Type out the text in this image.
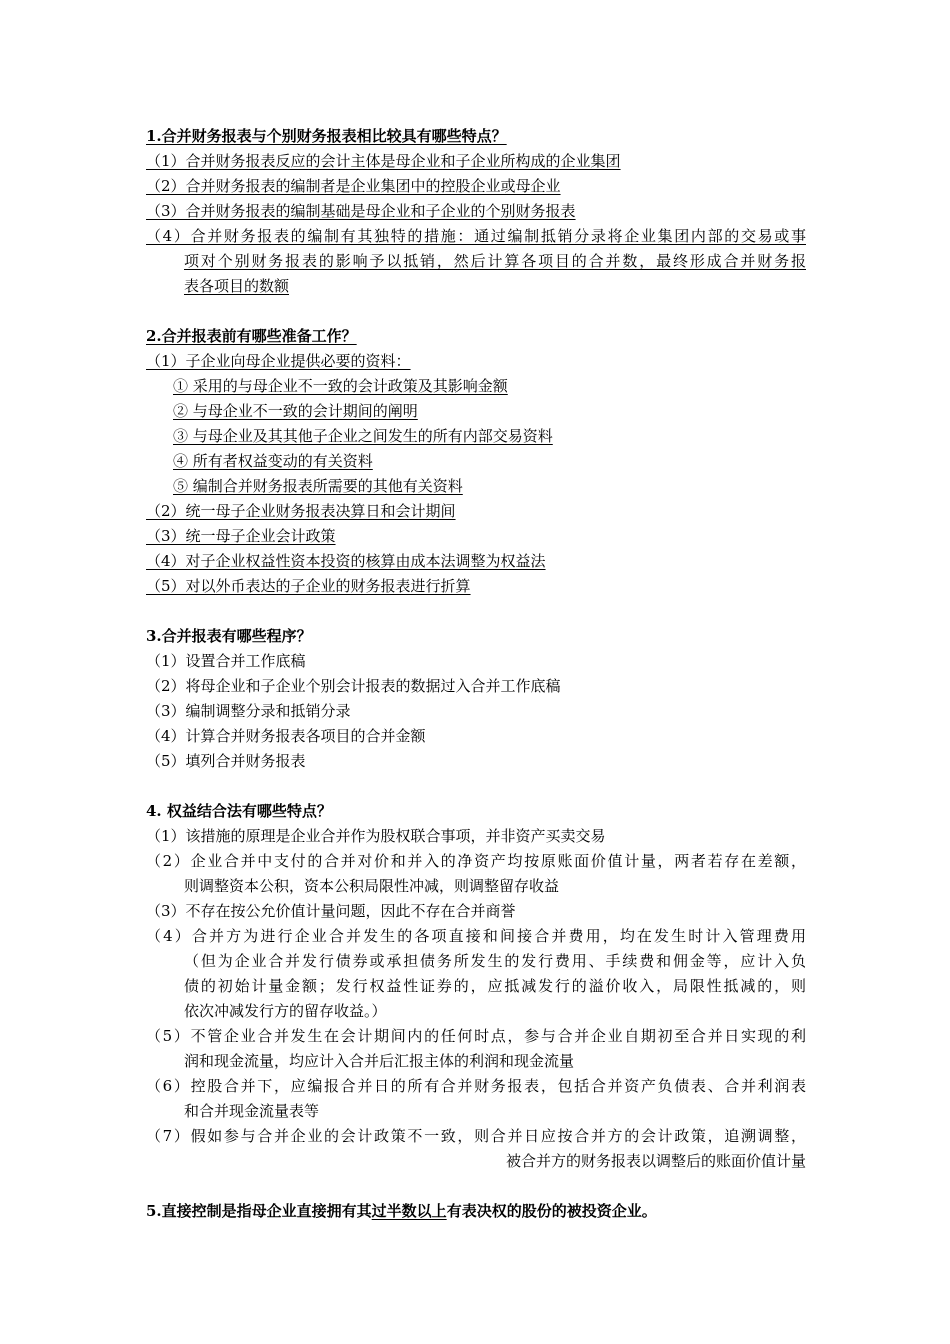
1.合并财务报表与个别财务报表相比较具有哪些特点？
（1）合并财务报表反应的会计主体是母企业和子企业所构成的企业集团
（2）合并财务报表的编制者是企业集团中的控股企业或母企业
（3）合并财务报表的编制基础是母企业和子企业的个别财务报表
（4）合并财务报表的编制有其独特的措施：通过编制抵销分录将企业集团内部的交易或事
项对个别财务报表的影响予以抵销，然后计算各项目的合并数，最终形成合并财务报
表各项目的数额
2.合并报表前有哪些准备工作？
（1）子企业向母企业提供必要的资料：
① 采用的与母企业不一致的会计政策及其影响金额
② 与母企业不一致的会计期间的阐明
③ 与母企业及其其他子企业之间发生的所有内部交易资料
④ 所有者权益变动的有关资料
⑤ 编制合并财务报表所需要的其他有关资料
（2）统一母子企业财务报表决算日和会计期间
（3）统一母子企业会计政策
（4）对子企业权益性资本投资的核算由成本法调整为权益法
（5）对以外币表达的子企业的财务报表进行折算
3.合并报表有哪些程序？
（1）设置合并工作底稿
（2）将母企业和子企业个别会计报表的数据过入合并工作底稿
（3）编制调整分录和抵销分录
（4）计算合并财务报表各项目的合并金额
（5）填列合并财务报表
4. 权益结合法有哪些特点？
（1）该措施的原理是企业合并作为股权联合事项，并非资产买卖交易
（2）企业合并中支付的合并对价和并入的净资产均按原账面价值计量，两者若存在差额，
则调整资本公积，资本公积局限性冲减，则调整留存收益
（3）不存在按公允价值计量问题，因此不存在合并商誉
（4）合并方为进行企业合并发生的各项直接和间接合并费用，均在发生时计入管理费用
（但为企业合并发行债券或承担债务所发生的发行费用、手续费和佣金等，应计入负
债的初始计量金额；发行权益性证券的，应抵减发行的溢价收入，局限性抵减的，则
依次冲减发行方的留存收益。）
（5）不管企业合并发生在会计期间内的任何时点，参与合并企业自期初至合并日实现的利
润和现金流量，均应计入合并后汇报主体的利润和现金流量
（6）控股合并下，应编报合并日的所有合并财务报表，包括合并资产负债表、合并利润表
和合并现金流量表等
（7）假如参与合并企业的会计政策不一致，则合并日应按合并方的会计政策，追溯调整，
被合并方的财务报表以调整后的账面价值计量
5.直接控制是指母企业直接拥有其过半数以上有表决权的股份的被投资企业。
